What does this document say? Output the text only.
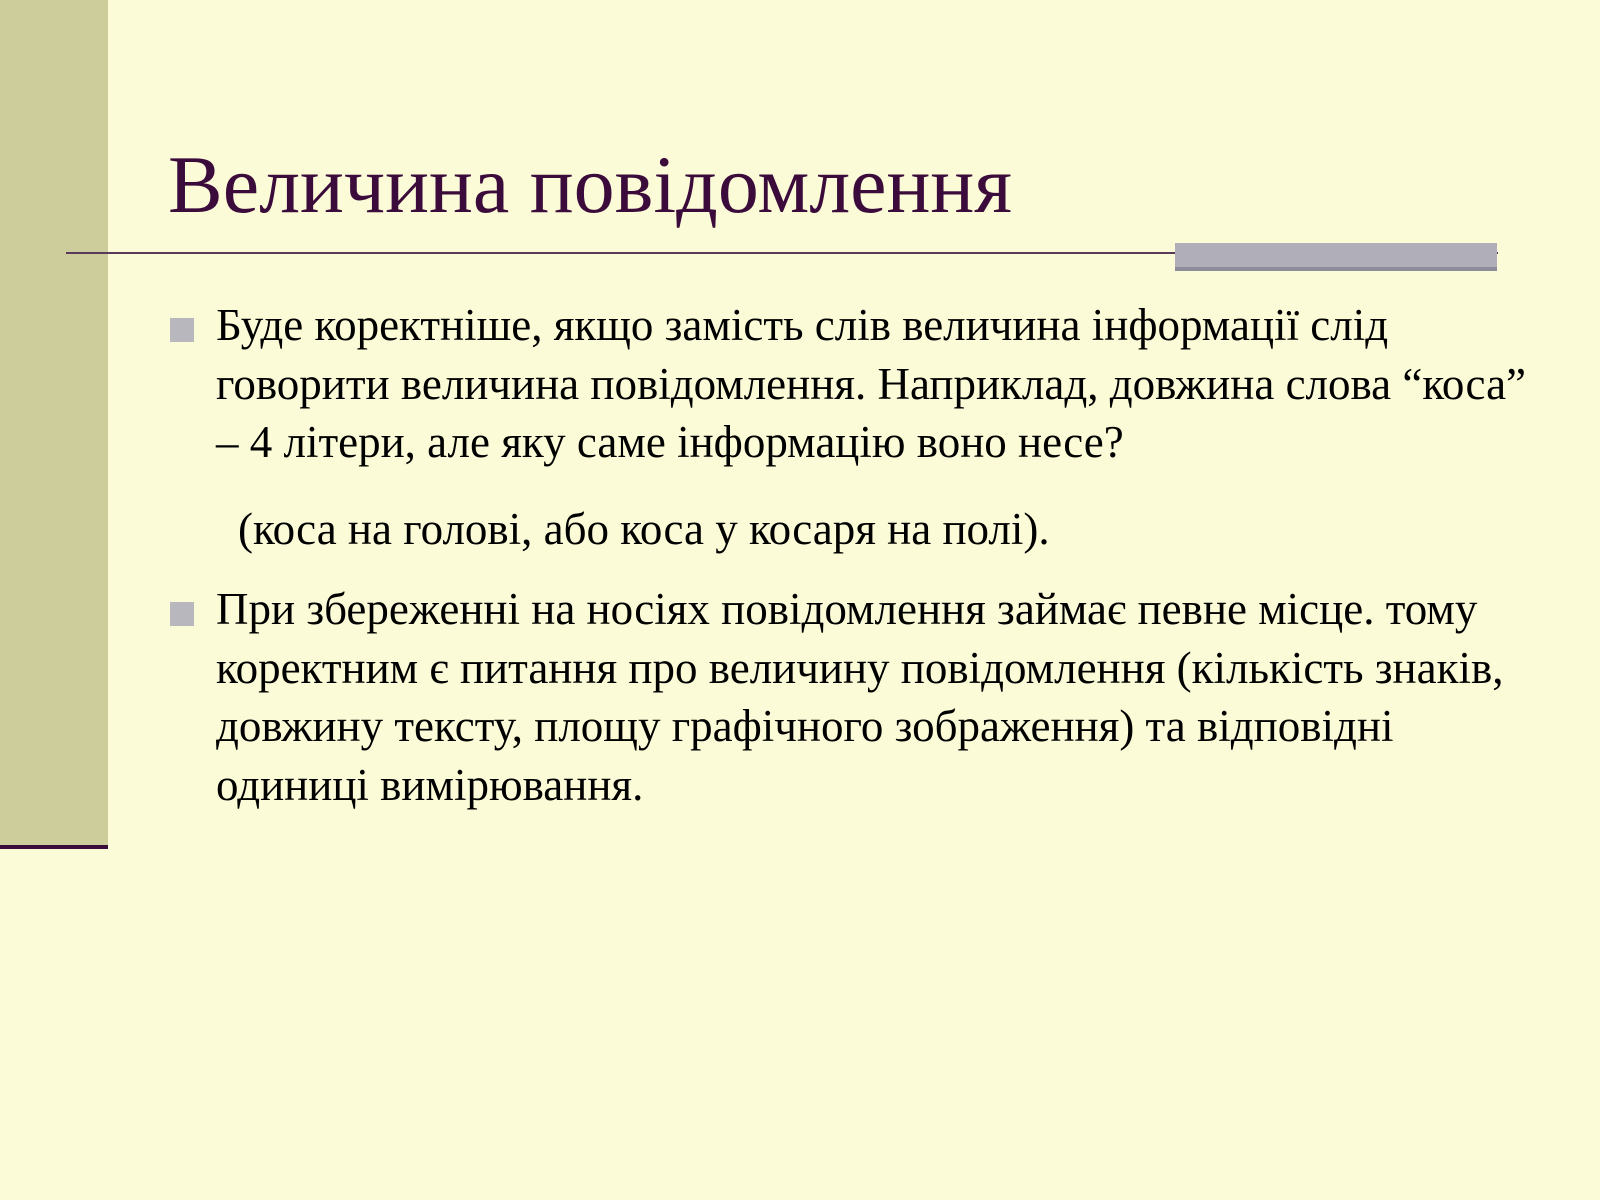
Величина повідомлення
Буде коректніше, якщо замість слів величина інформації слід говорити величина повідомлення. Наприклад, довжина слова “коса” – 4 літери, але яку саме інформацію воно несе?
(коса на голові, або коса у косаря на полі).
При збереженні на носіях повідомлення займає певне місце. тому коректним є питання про величину повідомлення (кількість знаків, довжину тексту, площу графічного зображення) та відповідні одиниці вимірювання.
